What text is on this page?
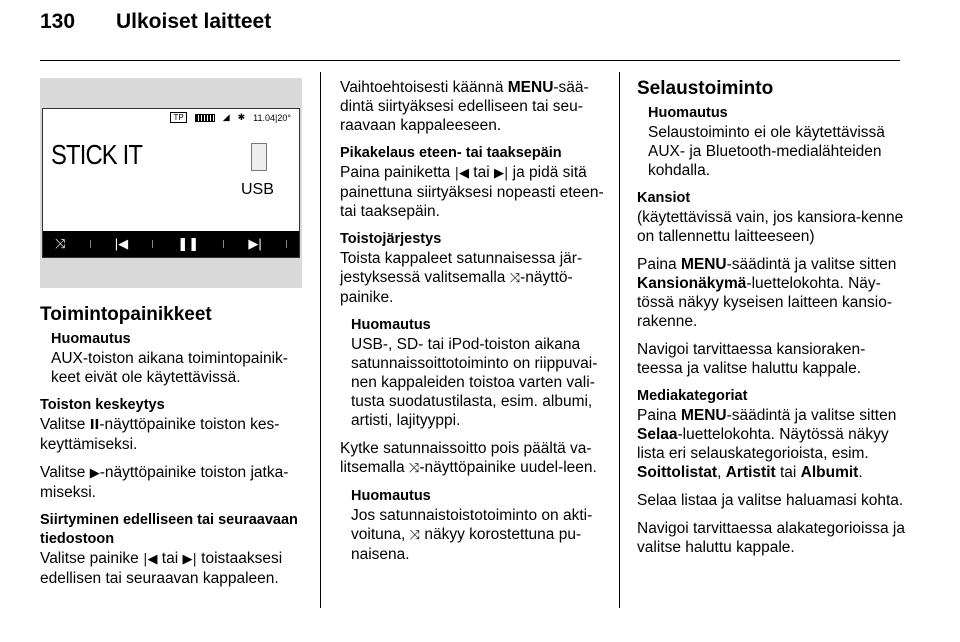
130 Ulkoiset laitteet
TP	◢ ✱ 11.04|20°
STICK IT
USB
⤨	|◀	❚❚	▶|
Toimintopainikkeet
Huomautus
AUX-toiston aikana toimintopainik-keet eivät ole käytettävissä.
Toiston keskeytys

Valitse II-näyttöpainike toiston kes-keyttämiseksi.

Valitse ▶-näyttöpainike toiston jatka-miseksi.

Siirtyminen edelliseen tai seuraavaan tiedostoon

Valitse painike |◀ tai ▶| toistaaksesi edellisen tai seuraavan kappaleen.

Vaihtoehtoisesti käännä MENU-sää-dintä siirtyäksesi edelliseen tai seu-raavaan kappaleeseen.

Pikakelaus eteen- tai taaksepäin

Paina painiketta |◀ tai ▶| ja pidä sitä painettuna siirtyäksesi nopeasti eteen- tai taaksepäin.

Toistojärjestys

Toista kappaleet satunnaisessa jär-jestyksessä valitsemalla ⤨-näyttö-painike.

Huomautus
USB-, SD- tai iPod-toiston aikana satunnaissoittotoiminto on riippuvai-nen kappaleiden toistoa varten vali-tusta suodatustilasta, esim. albumi, artisti, lajityyppi.

Kytke satunnaissoitto pois päältä va-litsemalla ⤨-näyttöpainike uudel-leen.

Huomautus
Jos satunnaistoistotoiminto on akti-voituna, ⤨ näkyy korostettuna pu-naisena.
Selaustoiminto
Huomautus
Selaustoiminto ei ole käytettävissä AUX- ja Bluetooth-medialähteiden kohdalla.
Kansiot

(käytettävissä vain, jos kansiora-kenne on tallennettu laitteeseen)

Paina MENU-säädintä ja valitse sitten Kansionäkymä-luettelokohta. Näy-tössä näkyy kyseisen laitteen kansio-rakenne.

Navigoi tarvittaessa kansioraken-teessa ja valitse haluttu kappale.

Mediakategoriat

Paina MENU-säädintä ja valitse sitten Selaa-luettelokohta. Näytössä näkyy lista eri selauskategorioista, esim. Soittolistat, Artistit tai Albumit.

Selaa listaa ja valitse haluamasi kohta.

Navigoi tarvittaessa alakategorioissa ja valitse haluttu kappale.
